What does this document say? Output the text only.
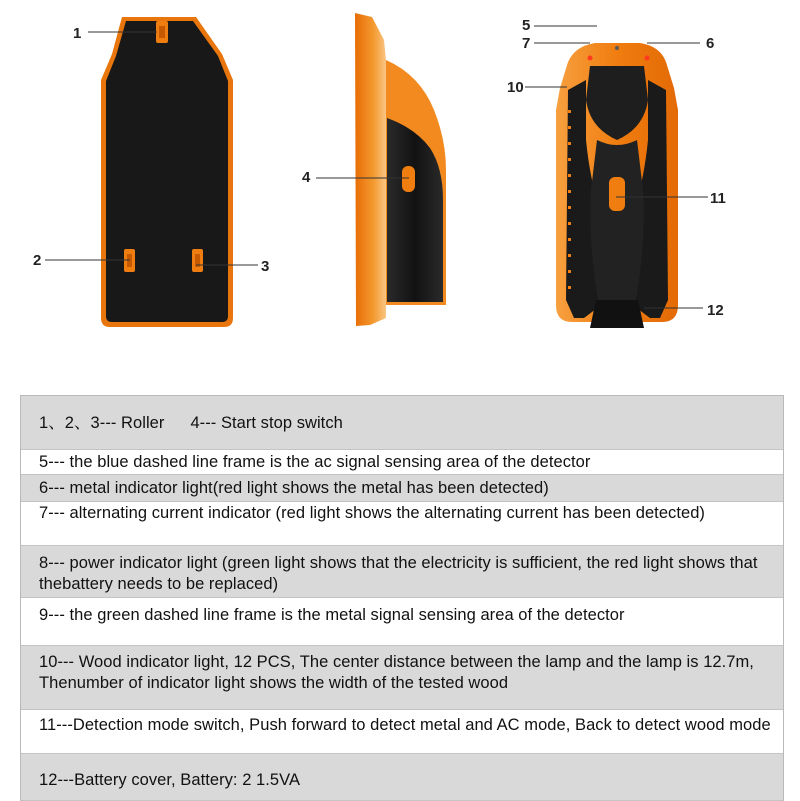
1
2	3
4
5
7	6
10
11
12
1、2、3--- Roller 4--- Start stop switch
5--- the blue dashed line frame is the ac signal sensing area of the detector
6--- metal indicator light(red light shows the metal has been detected)
7--- alternating current indicator (red light shows the alternating current has been detected)
8--- power indicator light (green light shows that the electricity is sufficient, the red light shows that thebattery needs to be replaced)
9--- the green dashed line frame is the metal signal sensing area of the detector
10--- Wood indicator light, 12 PCS, The center distance between the lamp and the lamp is 12.7m, Thenumber of indicator light shows the width of the tested wood
11---Detection mode switch, Push forward to detect metal and AC mode, Back to detect wood mode
12---Battery cover, Battery: 2 1.5VA
